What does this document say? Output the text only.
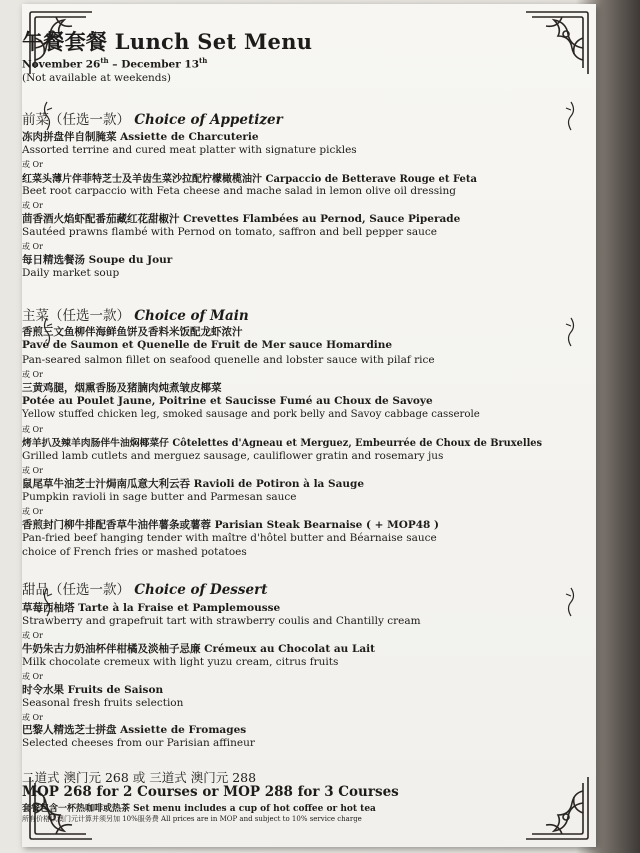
午餐套餐 Lunch Set Menu
November 26th – December 13th
(Not available at weekends)
前菜（任选一款） Choice of Appetizer
冻肉拼盘伴自制腌菜 Assiette de Charcuterie
Assorted terrine and cured meat platter with signature pickles
或 Or
红菜头薄片伴菲特芝士及羊齿生菜沙拉配柠檬橄榄油汁 Carpaccio de Betterave Rouge et Feta
Beet root carpaccio with Feta cheese and mache salad in lemon olive oil dressing
或 Or
茴香酒火焰虾配番茄藏红花甜椒汁 Crevettes Flambées au Pernod, Sauce Piperade
Sautéed prawns flambé with Pernod on tomato, saffron and bell pepper sauce
或 Or
每日精选餐汤 Soupe du Jour
Daily market soup
主菜（任选一款） Choice of Main
香煎三文鱼柳伴海鲜鱼饼及香料米饭配龙虾浓汁
Pavé de Saumon et Quenelle de Fruit de Mer sauce Homardine
Pan-seared salmon fillet on seafood quenelle and lobster sauce with pilaf rice
或 Or
三黄鸡腿，烟熏香肠及猪腩肉炖煮皱皮椰菜
Potée au Poulet Jaune, Poitrine et Saucisse Fumé au Choux de Savoye
Yellow stuffed chicken leg, smoked sausage and pork belly and Savoy cabbage casserole
或 Or
烤羊扒及辣羊肉肠伴牛油焖椰菜仔 Côtelettes d'Agneau et Merguez, Embeurrée de Choux de Bruxelles
Grilled lamb cutlets and merguez sausage, cauliflower gratin and rosemary jus
或 Or
鼠尾草牛油芝士汁焗南瓜意大利云吞 Ravioli de Potiron à la Sauge
Pumpkin ravioli in sage butter and Parmesan sauce
或 Or
香煎封门柳牛排配香草牛油伴薯条或薯蓉 Parisian Steak Bearnaise ( + MOP48 )
Pan-fried beef hanging tender with maître d'hôtel butter and Béarnaise sauce
choice of French fries or mashed potatoes
甜品（任选一款） Choice of Dessert
草莓西柚塔 Tarte à la Fraise et Pamplemousse
Strawberry and grapefruit tart with strawberry coulis and Chantilly cream
或 Or
牛奶朱古力奶油杯伴柑橘及淡柚子忌廉 Crémeux au Chocolat au Lait
Milk chocolate cremeux with light yuzu cream, citrus fruits
或 Or
时令水果 Fruits de Saison
Seasonal fresh fruits selection
或 Or
巴黎人精选芝士拼盘 Assiette de Fromages
Selected cheeses from our Parisian affineur
二道式 澳门元 268 或 三道式 澳门元 288
MOP 268 for 2 Courses or MOP 288 for 3 Courses
套餐包含一杯热咖啡或热茶 Set menu includes a cup of hot coffee or hot tea
所有价格以澳门元计算并须另加 10%服务费 All prices are in MOP and subject to 10% service charge
